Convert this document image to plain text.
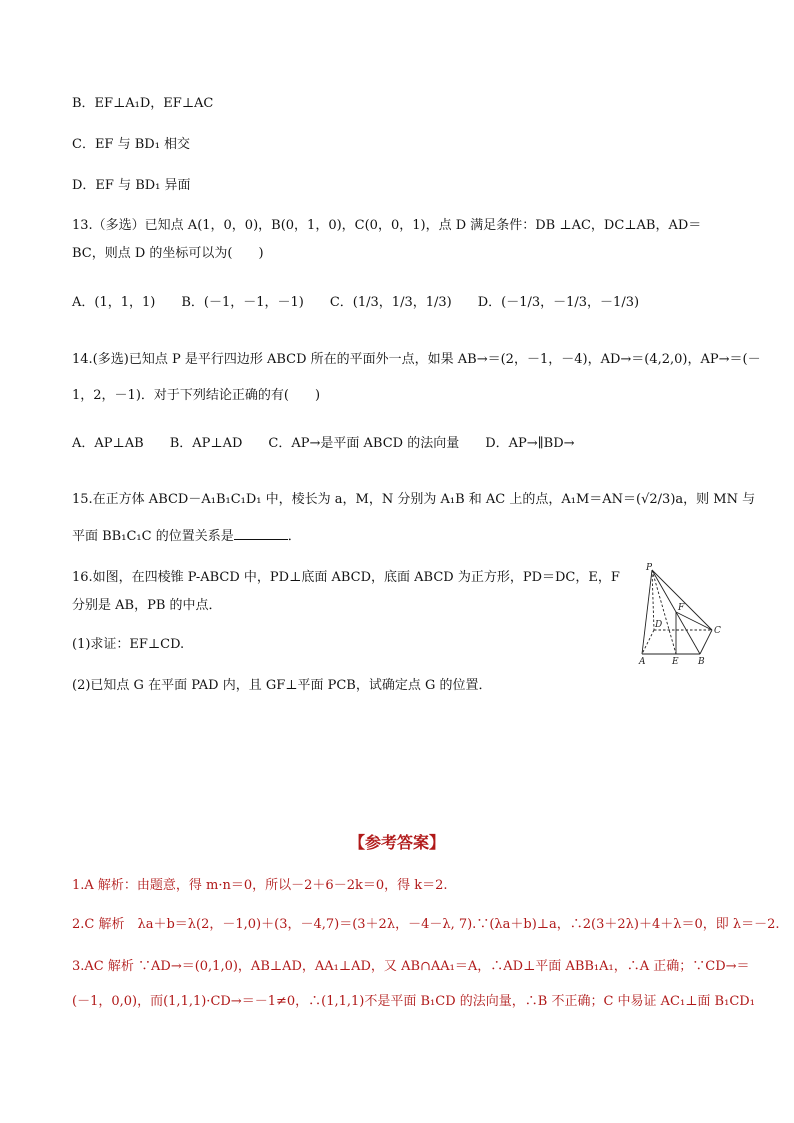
B．EF⊥A₁D，EF⊥AC
C．EF 与 BD₁ 相交
D．EF 与 BD₁ 异面
13.（多选）已知点 A(1，0，0)，B(0，1，0)，C(0，0，1)，点 D 满足条件：DB ⊥AC，DC⊥AB，AD＝
BC，则点 D 的坐标可以为(　　)
A．(1，1，1)　　B．(－1，－1，－1)　　C．(1/3，1/3，1/3)　　D．(－1/3，－1/3，－1/3)
14.(多选)已知点 P 是平行四边形 ABCD 所在的平面外一点，如果 AB→＝(2，－1，－4)，AD→＝(4,2,0)，AP→＝(－
1，2，－1)．对于下列结论正确的有(　　)
A．AP⊥AB　　B．AP⊥AD　　C．AP→是平面 ABCD 的法向量　　D．AP→∥BD→
15.在正方体 ABCD－A₁B₁C₁D₁ 中，棱长为 a，M，N 分别为 A₁B 和 AC 上的点，A₁M＝AN＝(√2/3)a，则 MN 与
平面 BB₁C₁C 的位置关系是	．
16.如图，在四棱锥 P-ABCD 中，PD⊥底面 ABCD，底面 ABCD 为正方形，PD＝DC，E，F
分别是 AB，PB 的中点．
(1)求证：EF⊥CD.
(2)已知点 G 在平面 PAD 内，且 GF⊥平面 PCB，试确定点 G 的位置．
P
F
D
C
A	E B
【参考答案】
1.A 解析：由题意，得 m·n＝0，所以－2＋6－2k＝0，得 k＝2.
2.C 解析　λa＋b＝λ(2，－1,0)＋(3，－4,7)＝(3＋2λ，－4－λ, 7).∵(λa＋b)⊥a，∴2(3＋2λ)＋4＋λ＝0，即 λ＝－2.
3.AC 解析 ∵AD→＝(0,1,0)，AB⊥AD，AA₁⊥AD，又 AB∩AA₁＝A，∴AD⊥平面 ABB₁A₁，∴A 正确；∵CD→＝
(－1，0,0)，而(1,1,1)·CD→＝－1≠0，∴(1,1,1)不是平面 B₁CD 的法向量，∴B 不正确；C 中易证 AC₁⊥面 B₁CD₁
